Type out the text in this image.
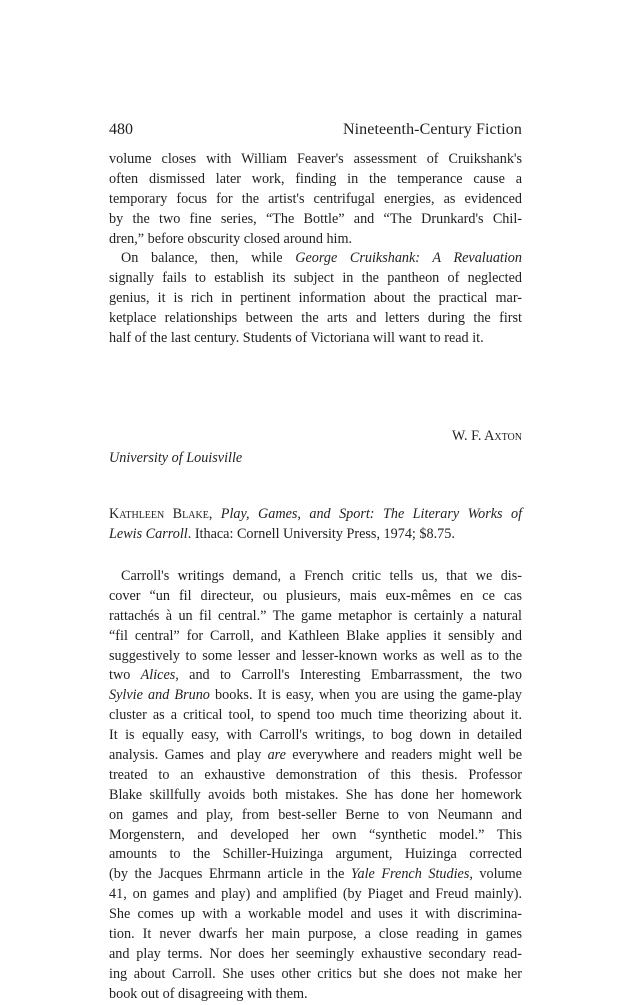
480	Nineteenth-Century Fiction
volume closes with William Feaver's assessment of Cruikshank's
often dismissed later work, finding in the temperance cause a
temporary focus for the artist's centrifugal energies, as evidenced
by the two fine series, “The Bottle” and “The Drunkard's Chil-
dren,” before obscurity closed around him.
On balance, then, while George Cruikshank: A Revaluation
signally fails to establish its subject in the pantheon of neglected
genius, it is rich in pertinent information about the practical mar-
ketplace relationships between the arts and letters during the first
half of the last century. Students of Victoriana will want to read it.
W. F. Axton
University of Louisville
Kathleen Blake, Play, Games, and Sport: The Literary Works of
Lewis Carroll. Ithaca: Cornell University Press, 1974; $8.75.
Carroll's writings demand, a French critic tells us, that we dis-
cover “un fil directeur, ou plusieurs, mais eux-mêmes en ce cas
rattachés à un fil central.” The game metaphor is certainly a natural
“fil central” for Carroll, and Kathleen Blake applies it sensibly and
suggestively to some lesser and lesser-known works as well as to the
two Alices, and to Carroll's Interesting Embarrassment, the two
Sylvie and Bruno books. It is easy, when you are using the game-play
cluster as a critical tool, to spend too much time theorizing about it.
It is equally easy, with Carroll's writings, to bog down in detailed
analysis. Games and play are everywhere and readers might well be
treated to an exhaustive demonstration of this thesis. Professor
Blake skillfully avoids both mistakes. She has done her homework
on games and play, from best-seller Berne to von Neumann and
Morgenstern, and developed her own “synthetic model.” This
amounts to the Schiller-Huizinga argument, Huizinga corrected
(by the Jacques Ehrmann article in the Yale French Studies, volume
41, on games and play) and amplified (by Piaget and Freud mainly).
She comes up with a workable model and uses it with discrimina-
tion. It never dwarfs her main purpose, a close reading in games
and play terms. Nor does her seemingly exhaustive secondary read-
ing about Carroll. She uses other critics but she does not make her
book out of disagreeing with them.
